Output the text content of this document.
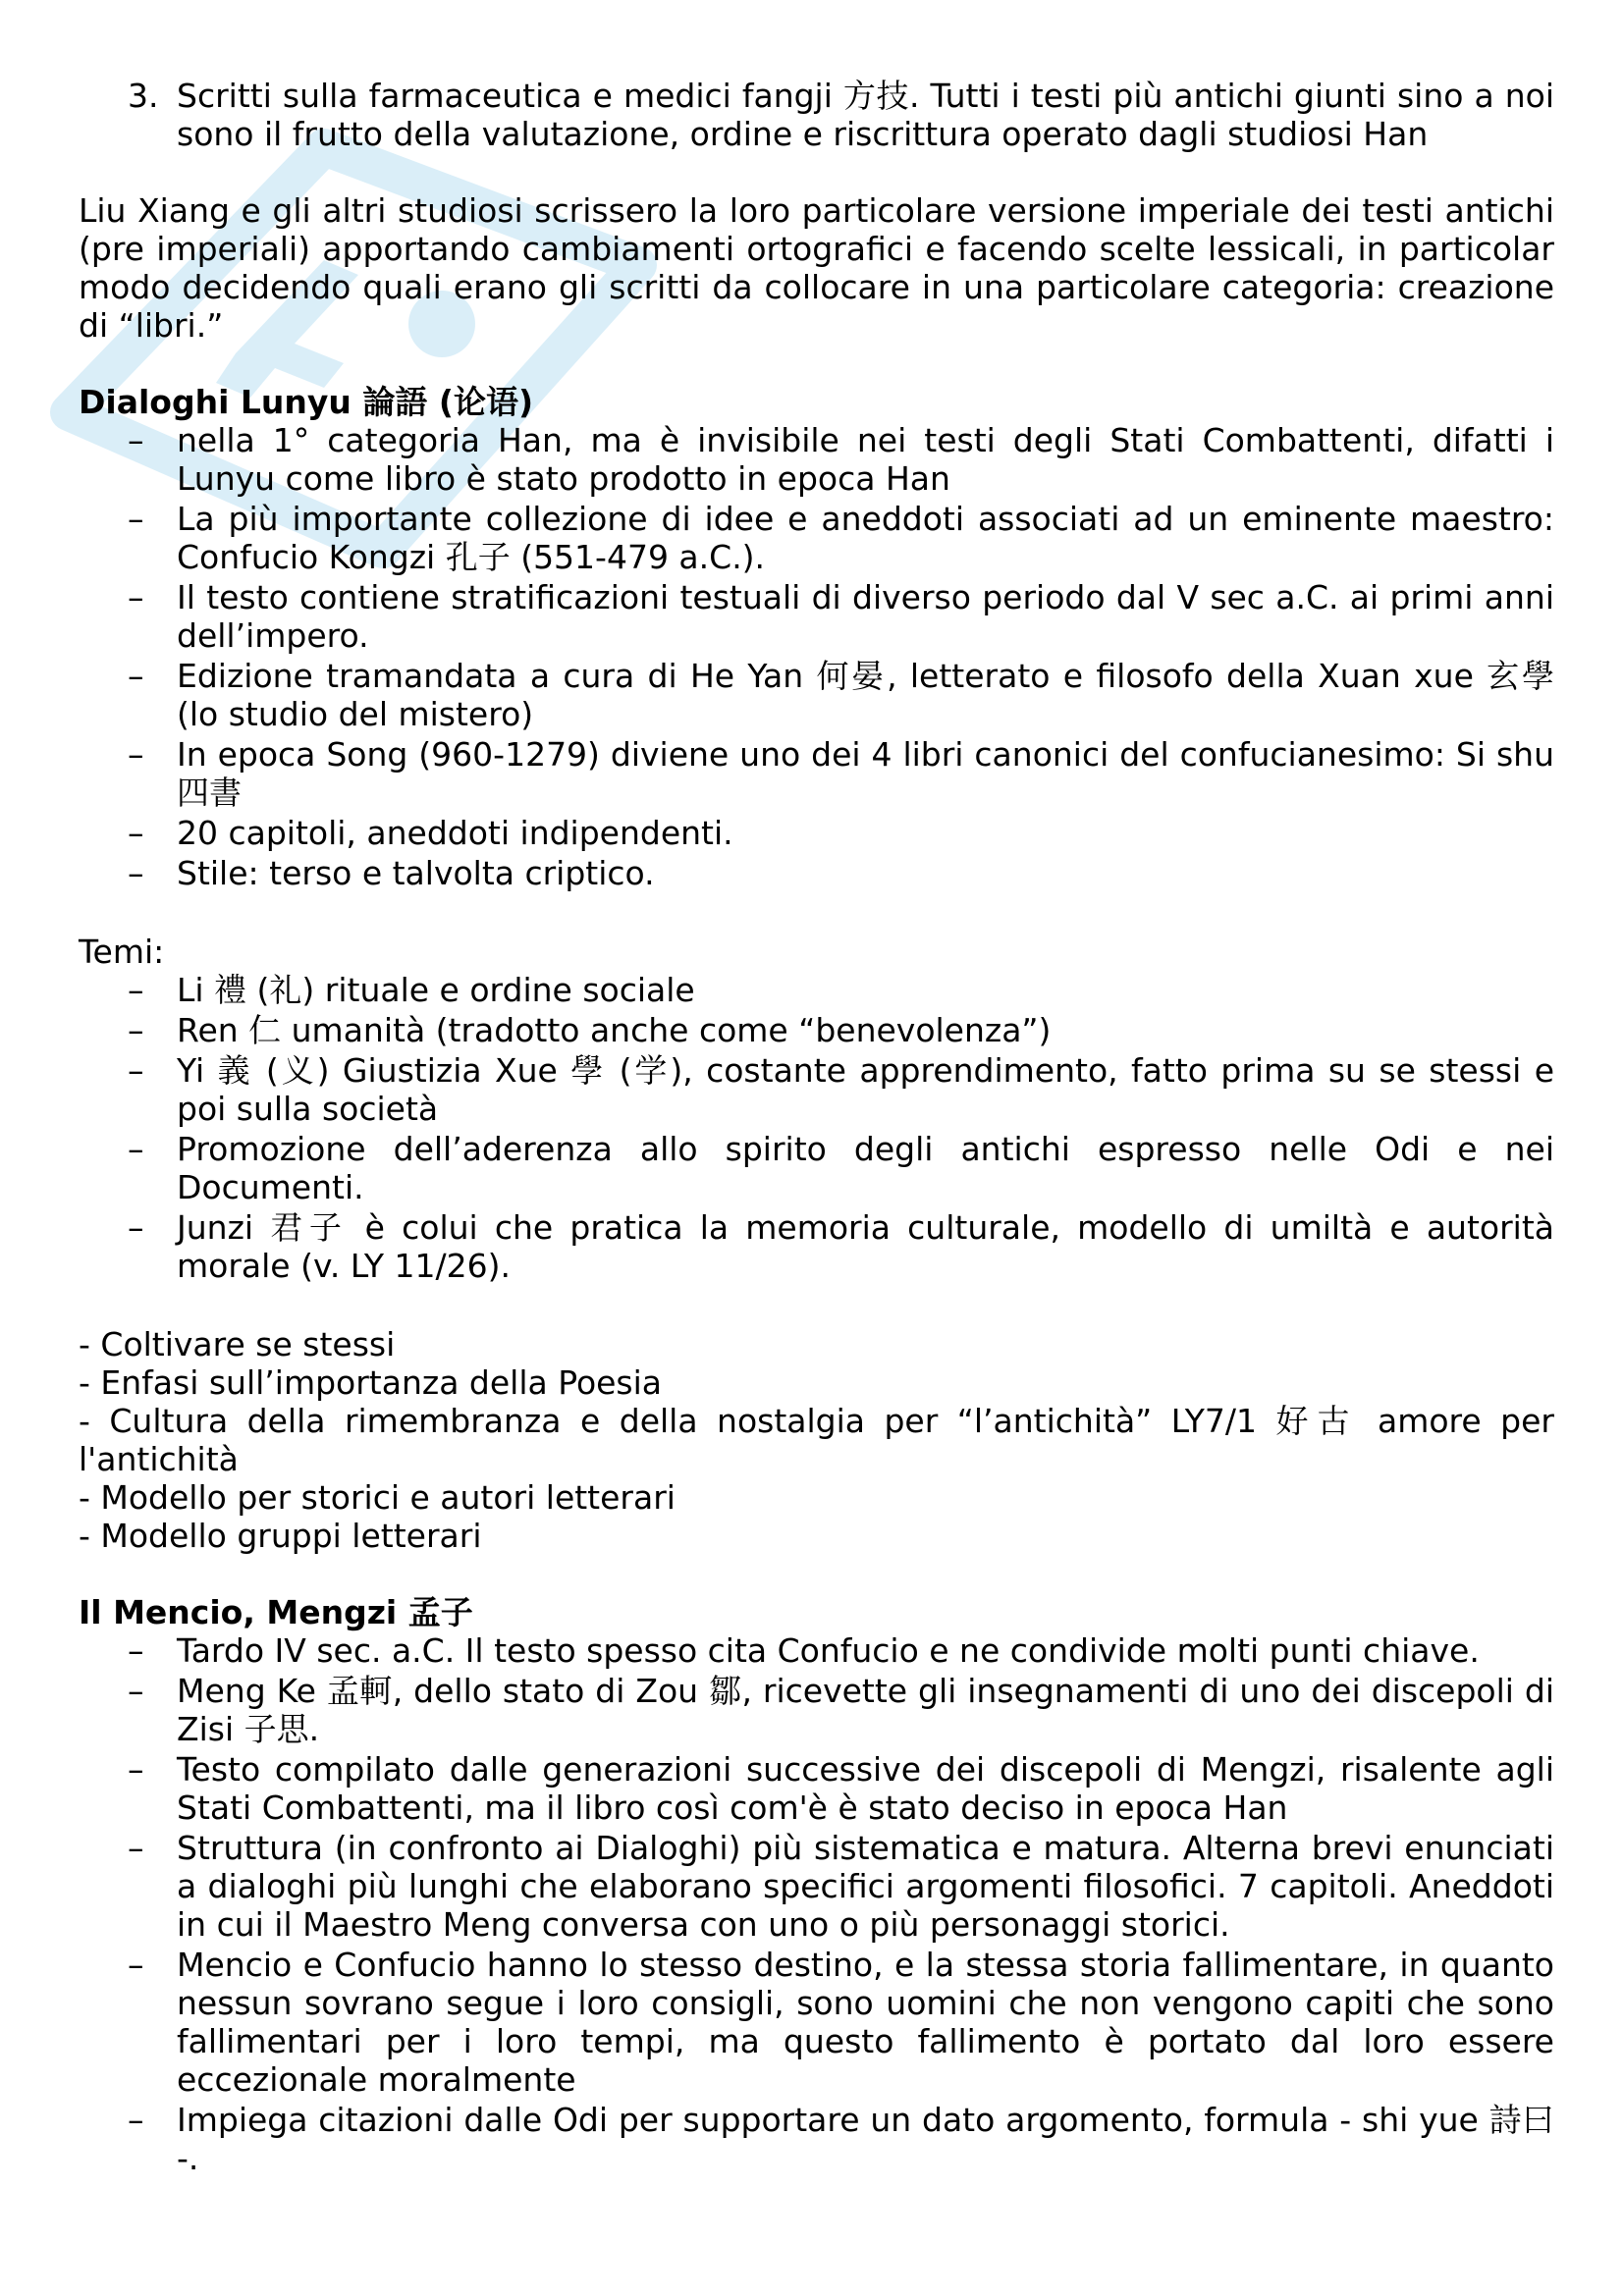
3. Scritti sulla farmaceutica e medici fangji 方技. Tutti i testi più antichi giunti sino a noi sono il frutto della valutazione, ordine e riscrittura operato dagli studiosi Han

Liu Xiang e gli altri studiosi scrissero la loro particolare versione imperiale dei testi antichi (pre imperiali) apportando cambiamenti ortografici e facendo scelte lessicali, in particolar modo decidendo quali erano gli scritti da collocare in una particolare categoria: creazione di “libri.”

Dialoghi Lunyu 論語 (论语)

– nella 1° categoria Han, ma è invisibile nei testi degli Stati Combattenti, difatti i Lunyu come libro è stato prodotto in epoca Han
– La più importante collezione di idee e aneddoti associati ad un eminente maestro: Confucio Kongzi 孔子 (551-479 a.C.).
– Il testo contiene stratificazioni testuali di diverso periodo dal V sec a.C. ai primi anni dell’impero.
– Edizione tramandata a cura di He Yan 何晏, letterato e filosofo della Xuan xue 玄學 (lo studio del mistero)
– In epoca Song (960-1279) diviene uno dei 4 libri canonici del confucianesimo: Si shu 四書
– 20 capitoli, aneddoti indipendenti.
– Stile: terso e talvolta criptico.

Temi:

– Li 禮 (礼) rituale e ordine sociale
– Ren 仁 umanità (tradotto anche come “benevolenza”)
– Yi 義 (义) Giustizia Xue 學 (学), costante apprendimento, fatto prima su se stessi e poi sulla società
– Promozione dell’aderenza allo spirito degli antichi espresso nelle Odi e nei Documenti.
– Junzi 君子 è colui che pratica la memoria culturale, modello di umiltà e autorità morale (v. LY 11/26).

- Coltivare se stessi

- Enfasi sull’importanza della Poesia

- Cultura della rimembranza e della nostalgia per “l’antichità” LY7/1 好古 amore per l'antichità

- Modello per storici e autori letterari

- Modello gruppi letterari

Il Mencio, Mengzi 孟子

– Tardo IV sec. a.C. Il testo spesso cita Confucio e ne condivide molti punti chiave.
– Meng Ke 孟軻, dello stato di Zou 鄒, ricevette gli insegnamenti di uno dei discepoli di Zisi 子思.
– Testo compilato dalle generazioni successive dei discepoli di Mengzi, risalente agli Stati Combattenti, ma il libro così com'è è stato deciso in epoca Han
– Struttura (in confronto ai Dialoghi) più sistematica e matura. Alterna brevi enunciati a dialoghi più lunghi che elaborano specifici argomenti filosofici. 7 capitoli. Aneddoti in cui il Maestro Meng conversa con uno o più personaggi storici.
– Mencio e Confucio hanno lo stesso destino, e la stessa storia fallimentare, in quanto nessun sovrano segue i loro consigli, sono uomini che non vengono capiti che sono fallimentari per i loro tempi, ma questo fallimento è portato dal loro essere eccezionale moralmente
– Impiega citazioni dalle Odi per supportare un dato argomento, formula - shi yue 詩曰 -.
